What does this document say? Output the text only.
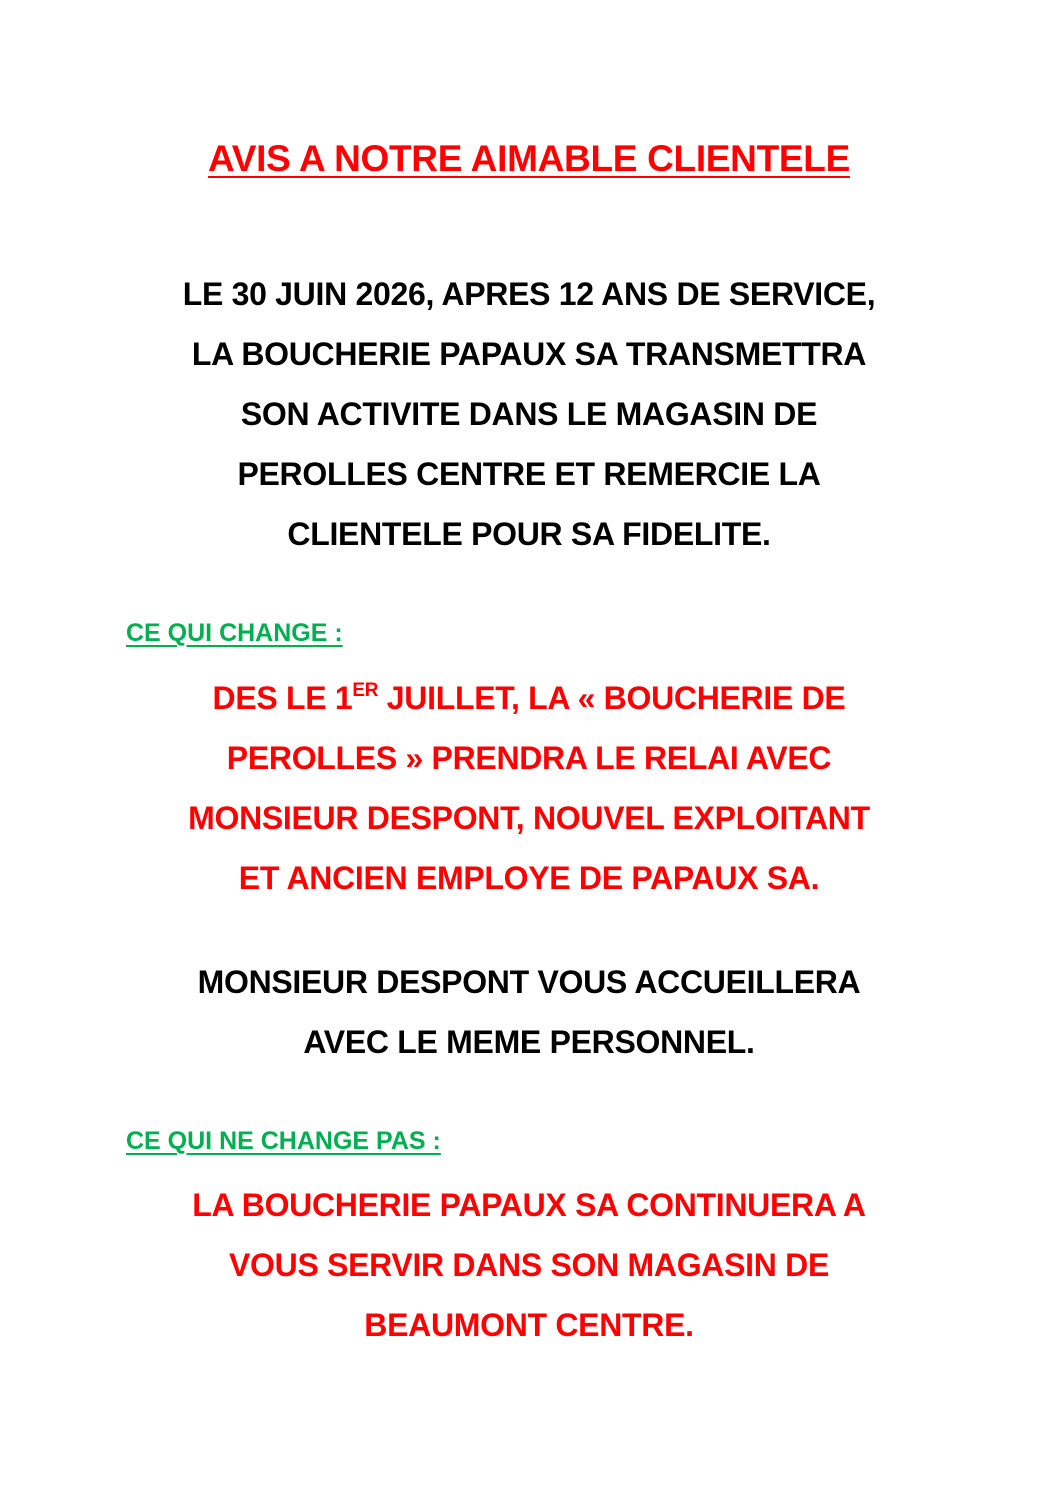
AVIS A NOTRE AIMABLE CLIENTELE
LE 30 JUIN 2026, APRES 12 ANS DE SERVICE,
LA BOUCHERIE PAPAUX SA TRANSMETTRA
SON ACTIVITE DANS LE MAGASIN DE
PEROLLES CENTRE ET REMERCIE LA
CLIENTELE POUR SA FIDELITE.
CE QUI CHANGE :
DES LE 1ER JUILLET, LA « BOUCHERIE DE
PEROLLES » PRENDRA LE RELAI AVEC
MONSIEUR DESPONT, NOUVEL EXPLOITANT
ET ANCIEN EMPLOYE DE PAPAUX SA.
MONSIEUR DESPONT VOUS ACCUEILLERA
AVEC LE MEME PERSONNEL.
CE QUI NE CHANGE PAS :
LA BOUCHERIE PAPAUX SA CONTINUERA A
VOUS SERVIR DANS SON MAGASIN DE
BEAUMONT CENTRE.
